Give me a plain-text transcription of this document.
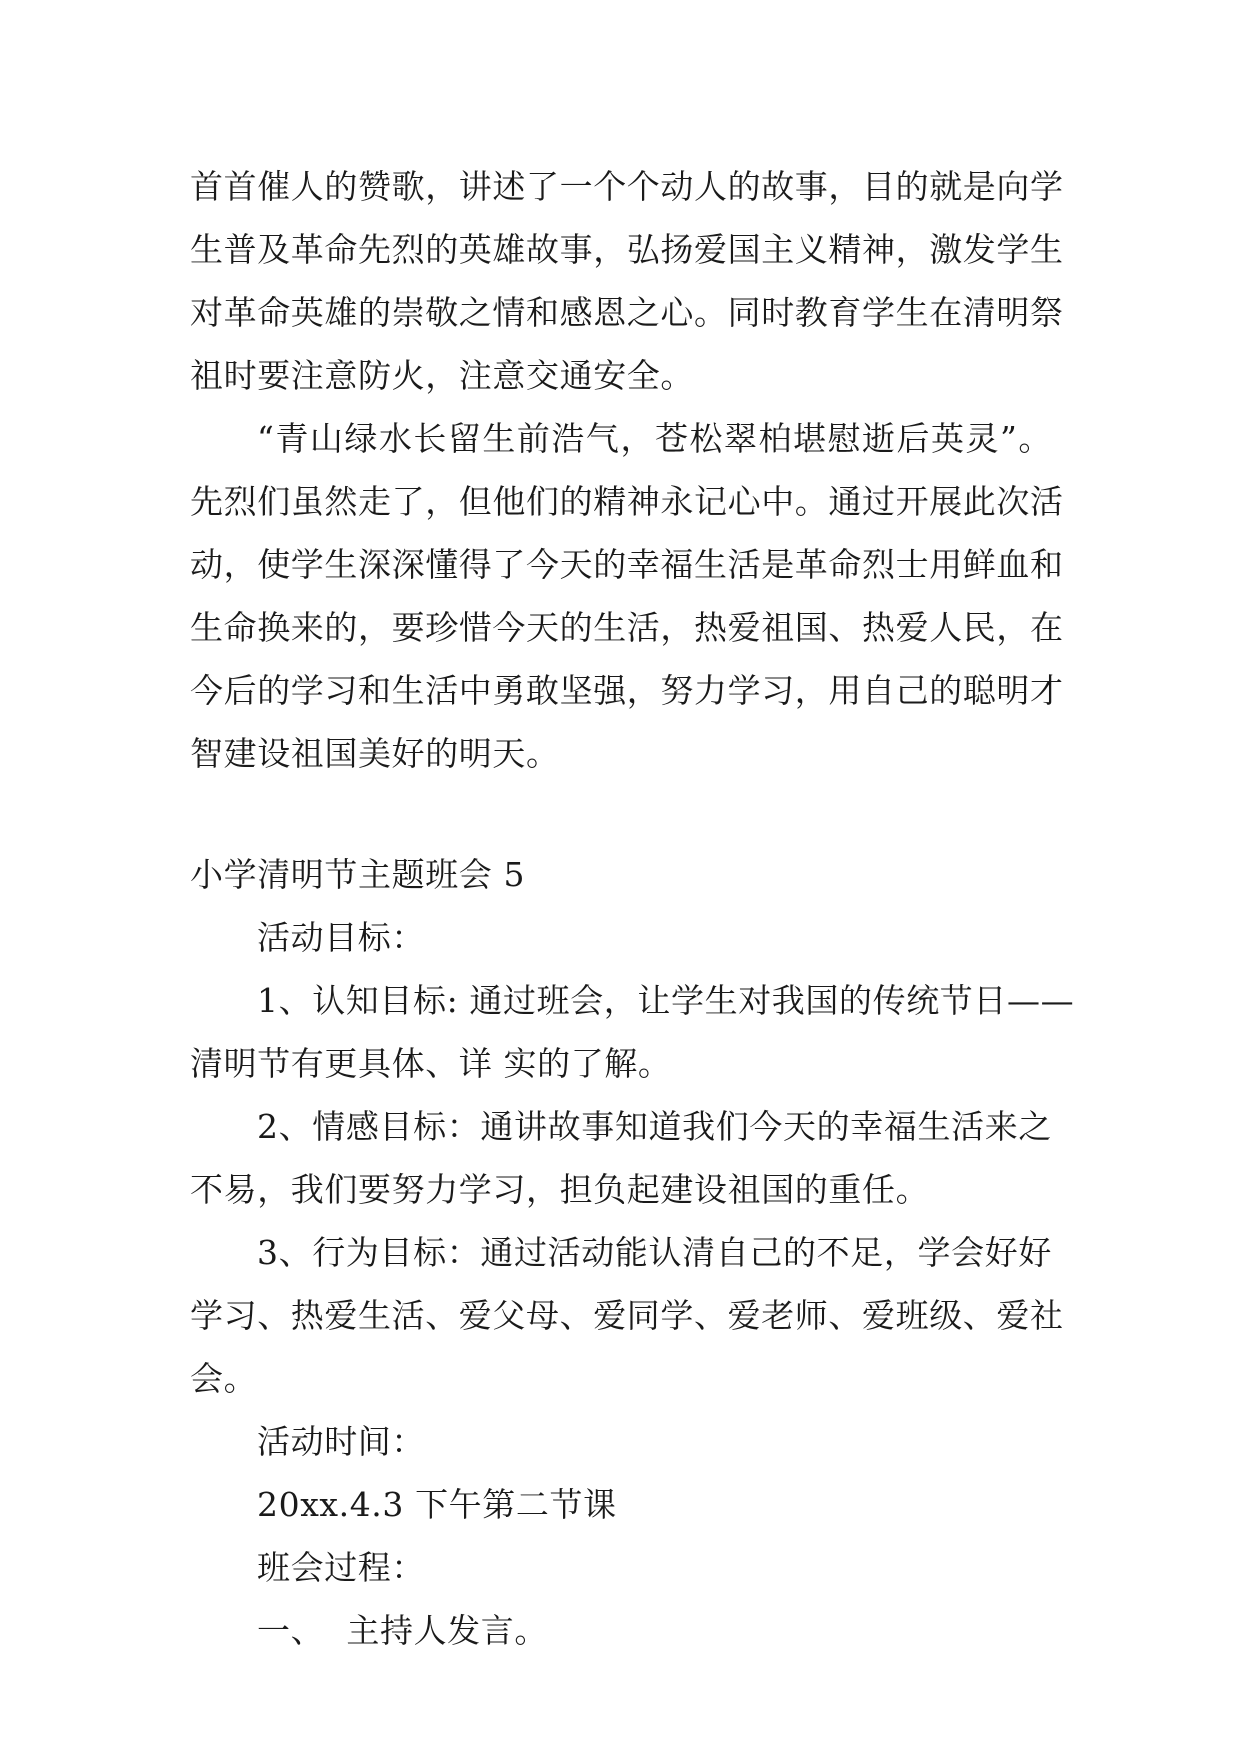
首首催人的赞歌，讲述了一个个动人的故事，目的就是向学
生普及革命先烈的英雄故事，弘扬爱国主义精神，激发学生
对革命英雄的崇敬之情和感恩之心。同时教育学生在清明祭
祖时要注意防火，注意交通安全。
“青山绿水长留生前浩气，苍松翠柏堪慰逝后英灵”。
先烈们虽然走了，但他们的精神永记心中。通过开展此次活
动，使学生深深懂得了今天的幸福生活是革命烈士用鲜血和
生命换来的，要珍惜今天的生活，热爱祖国、热爱人民，在
今后的学习和生活中勇敢坚强，努力学习，用自己的聪明才
智建设祖国美好的明天。
小学清明节主题班会 5
活动目标：
1、认知目标: 通过班会，让学生对我国的传统节日——
清明节有更具体、详 实的了解。
2、情感目标：通讲故事知道我们今天的幸福生活来之
不易，我们要努力学习，担负起建设祖国的重任。
3、行为目标：通过活动能认清自己的不足，学会好好
学习、热爱生活、爱父母、爱同学、爱老师、爱班级、爱社
会。
活动时间：
20xx.4.3 下午第二节课
班会过程：
一、  主持人发言。
